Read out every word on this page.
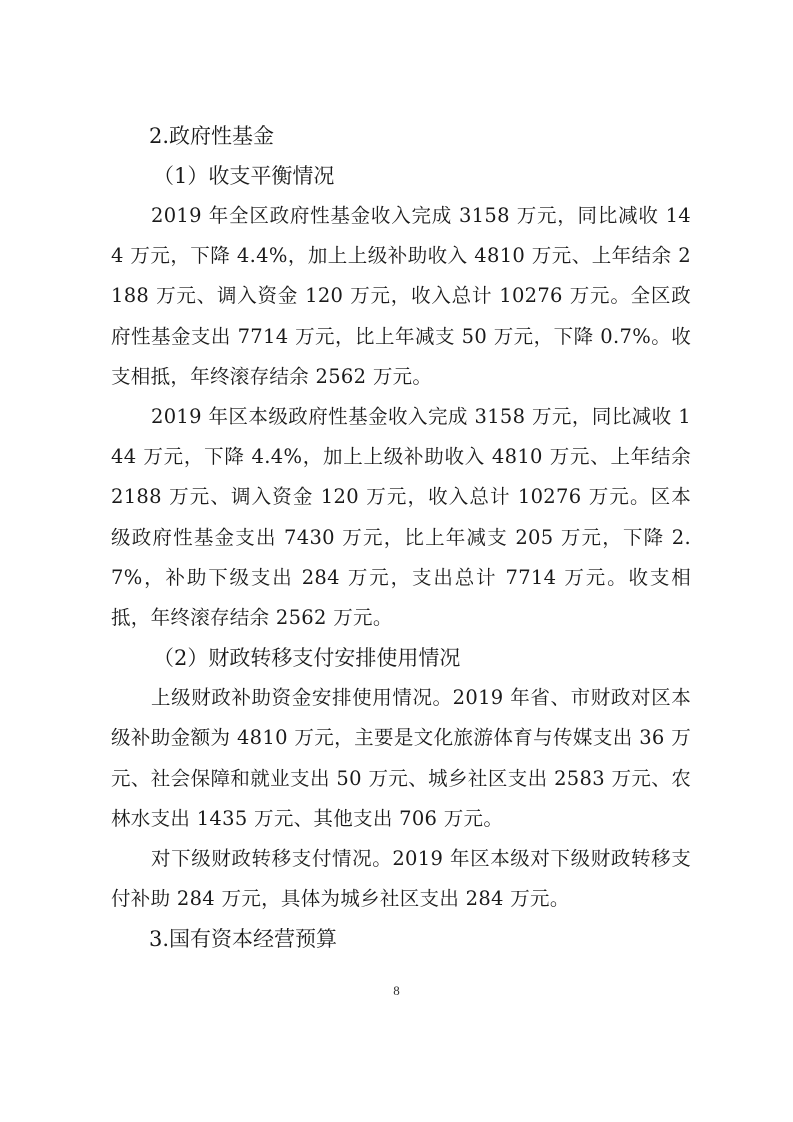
2.政府性基金
（1）收支平衡情况

2019 年全区政府性基金收入完成 3158 万元，同比减收 144 万元，下降 4.4%，加上上级补助收入 4810 万元、上年结余 2188 万元、调入资金 120 万元，收入总计 10276 万元。全区政府性基金支出 7714 万元，比上年减支 50 万元，下降 0.7%。收支相抵，年终滚存结余 2562 万元。

2019 年区本级政府性基金收入完成 3158 万元，同比减收 144 万元，下降 4.4%，加上上级补助收入 4810 万元、上年结余 2188 万元、调入资金 120 万元，收入总计 10276 万元。区本级政府性基金支出 7430 万元，比上年减支 205 万元，下降 2.7%，补助下级支出 284 万元，支出总计 7714 万元。收支相抵，年终滚存结余 2562 万元。

（2）财政转移支付安排使用情况

上级财政补助资金安排使用情况。2019 年省、市财政对区本级补助金额为 4810 万元，主要是文化旅游体育与传媒支出 36 万元、社会保障和就业支出 50 万元、城乡社区支出 2583 万元、农林水支出 1435 万元、其他支出 706 万元。

对下级财政转移支付情况。2019 年区本级对下级财政转移支付补助 284 万元，具体为城乡社区支出 284 万元。

3.国有资本经营预算
8
